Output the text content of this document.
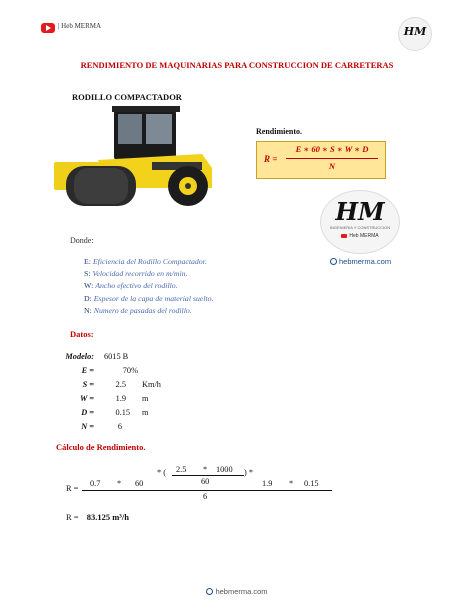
| Heb MERMA	HM
RENDIMIENTO DE MAQUINARIAS PARA CONSTRUCCION DE CARRETERAS
RODILLO COMPACTADOR
Rendimiento.
R =
E ∗ 60 ∗ S ∗ W ∗ D
N
HM
INGENIERIA Y CONSTRUCCION
Heb MERMA
hebmerma.com
Donde:
E: Eficiencia del Rodillo Compactador.
S: Velocidad recorrido en m/min.
W: Ancho efectivo del rodillo.
D: Espesor de la capa de material suelto.
N: Numero de pasadas del rodillo.
Datos:
Modelo: 6015 B
E =	70%
S =	2.5 Km/h
W =	1.9 m
D =	0.15 m
N =	6
Cálculo de Rendimiento.
R =
0.7 * 60
* ( 2.5 * 1000
60
) *
1.9 * 0.15
6
R = 83.125 m³/h
hebmerma.com
